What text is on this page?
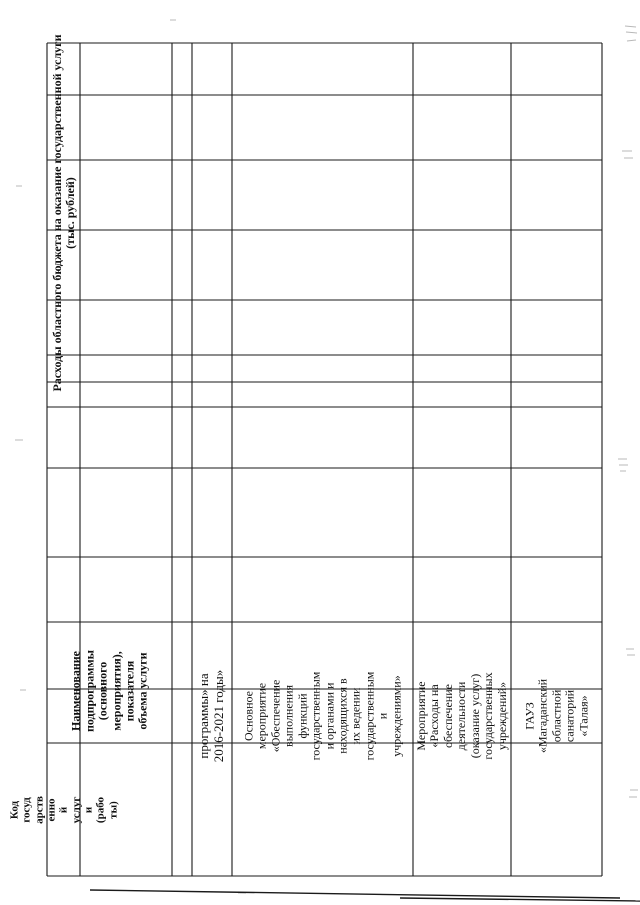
Код госуд арств енно й услуг и (рабо ты)
Наименование подпрограммы (основного мероприятия), показателя объема услуги
Расходы областного бюджета на оказание государственной услуги (тыс. рублей)
программы» на 2016-2021 годы» Основное мероприятие «Обеспечение выполнения функций государственным и органами и находящихся в их ведении государственным и учреждениями» Мероприятие «Расходы на обеспечение деятельности (оказание услуг) государственных учреждений» ГАУЗ «Магаданский областной санаторий «Талая»
